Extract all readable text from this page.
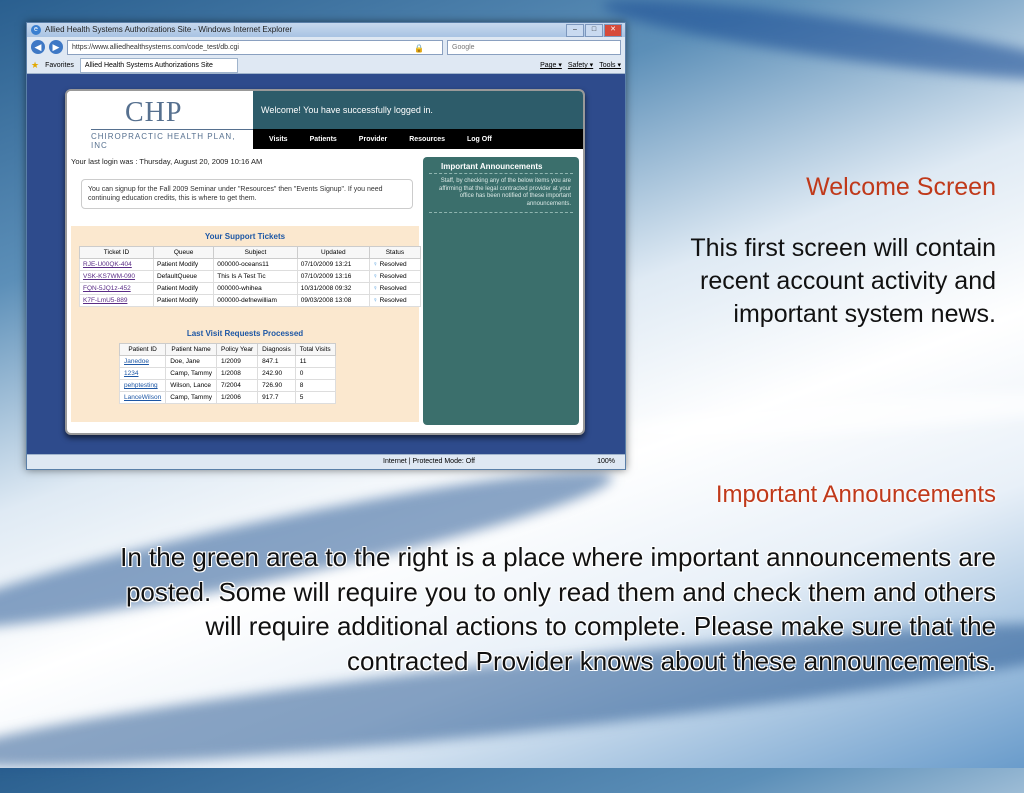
e Allied Health Systems Authorizations Site - Windows Internet Explorer	–	□	✕
◀	▶	https://www.alliedhealthsystems.com/code_test/db.cgi	🔒	Google
★ Favorites	Allied Health Systems Authorizations Site	Page ▾ Safety ▾ Tools ▾
CHP
CHIROPRACTIC HEALTH PLAN, INC
Welcome! You have successfully logged in.
Visits	Patients	Provider	Resources	Log Off
Your last login was : Thursday, August 20, 2009 10:16 AM
You can signup for the Fall 2009 Seminar under "Resources" then "Events Signup". If you need continuing education credits, this is where to get them.
Your Support Tickets
Ticket ID	Queue	Subject	Updated	Status
RJE-U00QK-404	Patient Modify	000000-oceans11	07/10/2009 13:21	♀ Resolved
VSK-KS7WM-090	DefaultQueue	This Is A Test Tic	07/10/2009 13:16	♀ Resolved
FQN-5JQ1z-452	Patient Modify	000000-whihea	10/31/2008 09:32	♀ Resolved
K7F-LmU5-889	Patient Modify	000000-defnewilliam	09/03/2008 13:08	♀ Resolved
Last Visit Requests Processed
Patient ID	Patient Name	Policy Year	Diagnosis	Total Visits
Janedoe	Doe, Jane	1/2009	847.1	11
1234	Camp, Tammy	1/2008	242.90	0
pehptesting	Wilson, Lance	7/2004	726.90	8
LanceWilson	Camp, Tammy	1/2006	917.7	5
Important Announcements
Staff, by checking any of the below items you are affirming that the legal contracted provider at your office has been notified of these important announcements.
Internet | Protected Mode: Off	100%
Welcome Screen
This first screen will contain recent account activity and important system news.
Important Announcements
In the green area to the right is a place where important announcements are posted. Some will require you to only read them and check them and others will require additional actions to complete. Please make sure that the contracted Provider knows about these announcements.
